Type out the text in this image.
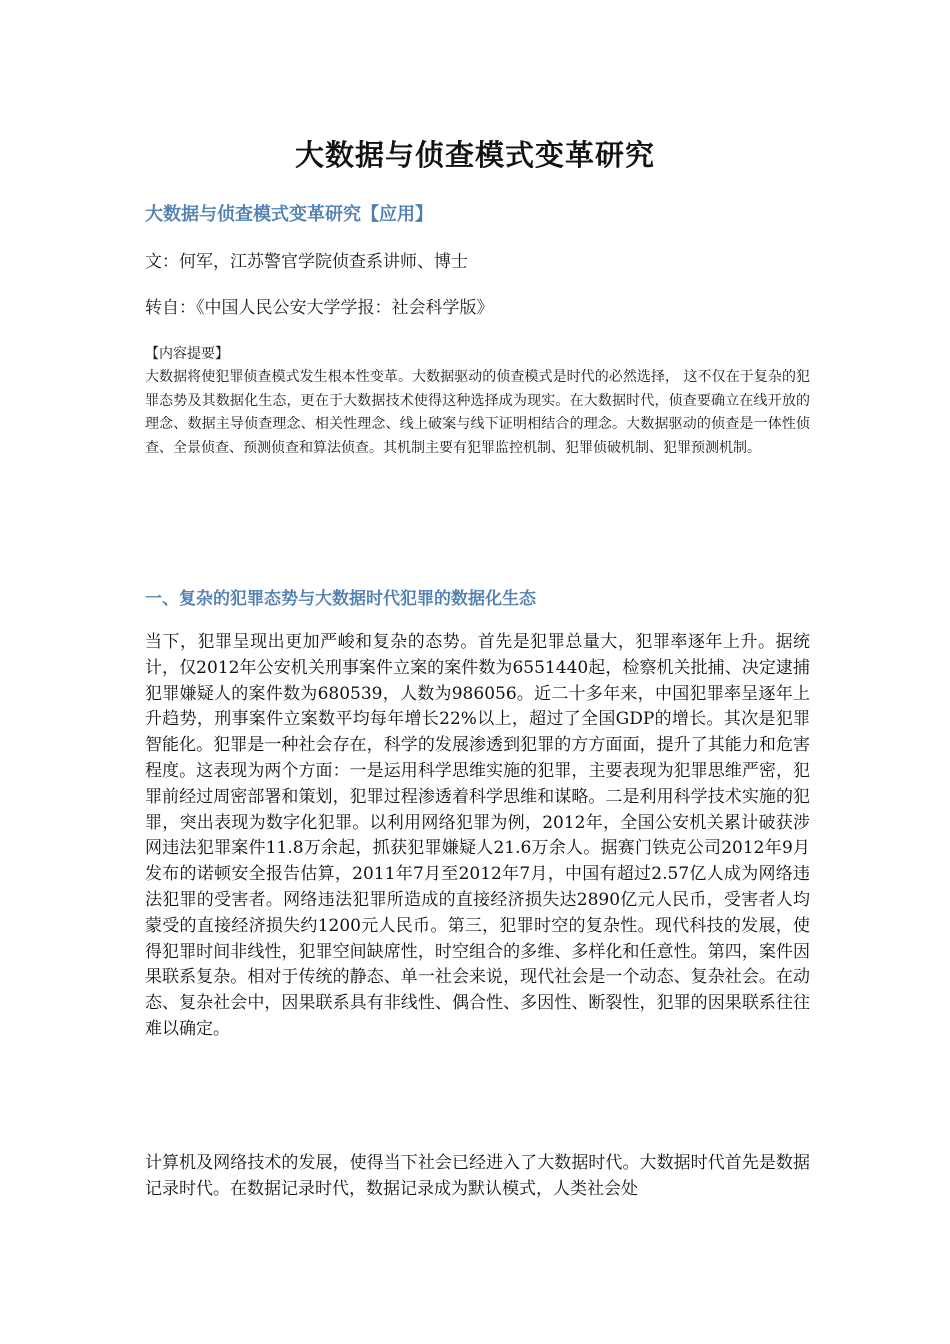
大数据与侦查模式变革研究
大数据与侦查模式变革研究【应用】
文：何军，江苏警官学院侦查系讲师、博士
转自：《中国人民公安大学学报：社会科学版》
【内容提要】
大数据将使犯罪侦查模式发生根本性变革。大数据驱动的侦查模式是时代的必然选择， 这不仅在于复杂的犯罪态势及其数据化生态，更在于大数据技术使得这种选择成为现实。在大数据时代，侦查要确立在线开放的理念、数据主导侦查理念、相关性理念、线上破案与线下证明相结合的理念。大数据驱动的侦查是一体性侦查、全景侦查、预测侦查和算法侦查。其机制主要有犯罪监控机制、犯罪侦破机制、犯罪预测机制。
一、复杂的犯罪态势与大数据时代犯罪的数据化生态
当下，犯罪呈现出更加严峻和复杂的态势。首先是犯罪总量大，犯罪率逐年上升。据统计，仅2012年公安机关刑事案件立案的案件数为6551440起，检察机关批捕、决定逮捕犯罪嫌疑人的案件数为680539，人数为986056。近二十多年来，中国犯罪率呈逐年上升趋势，刑事案件立案数平均每年增长22%以上，超过了全国GDP的增长。其次是犯罪智能化。犯罪是一种社会存在，科学的发展渗透到犯罪的方方面面，提升了其能力和危害程度。这表现为两个方面：一是运用科学思维实施的犯罪，主要表现为犯罪思维严密，犯罪前经过周密部署和策划，犯罪过程渗透着科学思维和谋略。二是利用科学技术实施的犯罪，突出表现为数字化犯罪。以利用网络犯罪为例，2012年，全国公安机关累计破获涉网违法犯罪案件11.8万余起，抓获犯罪嫌疑人21.6万余人。据赛门铁克公司2012年9月发布的诺顿安全报告估算，2011年7月至2012年7月，中国有超过2.57亿人成为网络违法犯罪的受害者。网络违法犯罪所造成的直接经济损失达2890亿元人民币，受害者人均蒙受的直接经济损失约1200元人民币。第三，犯罪时空的复杂性。现代科技的发展，使得犯罪时间非线性，犯罪空间缺席性，时空组合的多维、多样化和任意性。第四，案件因果联系复杂。相对于传统的静态、单一社会来说，现代社会是一个动态、复杂社会。在动态、复杂社会中，因果联系具有非线性、偶合性、多因性、断裂性，犯罪的因果联系往往难以确定。
计算机及网络技术的发展，使得当下社会已经进入了大数据时代。大数据时代首先是数据记录时代。在数据记录时代，数据记录成为默认模式，人类社会处
